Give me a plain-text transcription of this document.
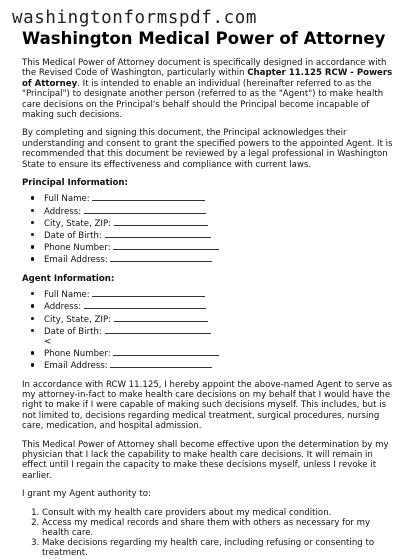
washingtonformspdf.com
Washington Medical Power of Attorney

This Medical Power of Attorney document is specifically designed in accordance with the Revised Code of Washington, particularly within Chapter 11.125 RCW - Powers of Attorney. It is intended to enable an individual (hereinafter referred to as the "Principal") to designate another person (referred to as the "Agent") to make health care decisions on the Principal's behalf should the Principal become incapable of making such decisions.

By completing and signing this document, the Principal acknowledges their understanding and consent to grant the specified powers to the appointed Agent. It is recommended that this document be reviewed by a legal professional in Washington State to ensure its effectiveness and compliance with current laws.

Principal Information:
Full Name:
Address:
City, State, ZIP:
Date of Birth:
Phone Number:
Email Address:
Agent Information:
Full Name:
Address:
City, State, ZIP:
Date of Birth:
<
Phone Number:
Email Address:

In accordance with RCW 11.125, I hereby appoint the above-named Agent to serve as my attorney-in-fact to make health care decisions on my behalf that I would have the right to make if I were capable of making such decisions myself. This includes, but is not limited to, decisions regarding medical treatment, surgical procedures, nursing care, medication, and hospital admission.

This Medical Power of Attorney shall become effective upon the determination by my physician that I lack the capability to make health care decisions. It will remain in effect until I regain the capacity to make these decisions myself, unless I revoke it earlier.

I grant my Agent authority to:

1. Consult with my health care providers about my medical condition.
2. Access my medical records and share them with others as necessary for my health care.
3. Make decisions regarding my health care, including refusing or consenting to treatment.
